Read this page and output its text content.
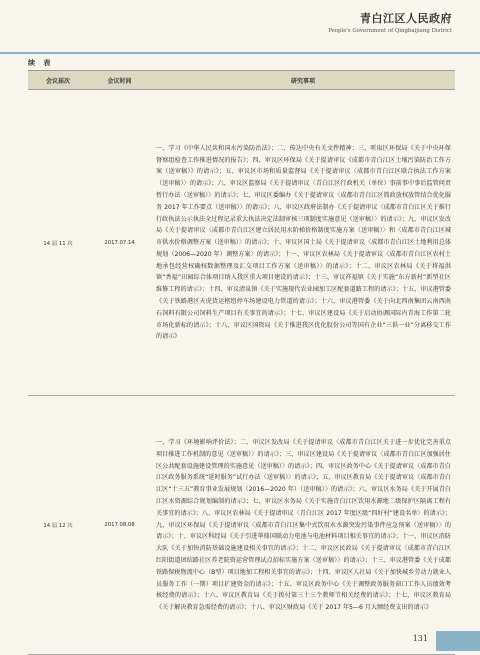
青白江区人民政府
People's Government of Qingbaijiang District
续 表
会议届次	会议时间	研究事项
14 届 11 次	2017.07.14	一、学习《中华人民共和国水污染防治法》；二、传达中央有关文件精神；三、听取区环保局《关于中央环保督察组检查工作推进情况的报告》；四、审议区环保局《关于提请审议《成都市青白江区土壤污染防治工作方案（送审稿）》的请示》；五、审议区市场和质量监督局《关于提请审议〈成都市青白江区联合执法工作方案（送审稿）〉的请示》；六、审议区监察局《关于提请审议〈青白江区行政机关（单位）事前事中事后监管问责暂行办法（送审稿）〉的请示》；七、审议区委编办《关于提请审议〈成都市青白江区简政放权放管结合优化服务 2017 年工作要点（送审稿）〉的请示》；八、审议区政府法制办《关于提请审议〈成都市青白江区关于推行行政执法公示执法全过程记录重大执法决定法制审核三项制度实施意见（送审稿）〉的请示》；九、审议区发改局《关于提请审议〈成都市青白江区建立居民用水阶梯价格制度实施方案（送审稿）〉和〈成都市青白江区城市供水价格调整方案（送审稿）〉的请示》；十、审议区国土局《关于提请审议〈成都市青白江区土地利用总体规划（2006—2020 年）调整方案〉的请示》；十一、审议区农林局《关于提请审议〈成都市青白江区农村土地承包经营权确权数据整理及汇交项目工作方案（送审稿）〉的请示》；十二、审议区农林局《关于将福洪镇“香福”田园综合体项目纳入我区重大项目建设的请示》；十三、审议祥福镇《关于实施“东方新村”新型社区维修工程的请示》；十四、审议清泉镇《关于实施现代农业园加工区配套道路工程的请示》；十五、审议港管委《关于铁路港区天虎货运枢纽停车场建设电力管道的请示》；十六、审议港管委《关于向北西南集团云南西南石饲料有限公司饲料生产项目有关事宜的请示》；十七、审议区建设局《关于启动协调国际内青海工作第二轮市场化新标的请示》；十八、审议区国资局《关于推进我区优化股份公司等国有企业“三供一业”分离移交工作的请示》
14 届 12 次	2017.08.08	一、学习《环境影响评价法》；二、审议区发改局《关于提请审议〈成都市青白江区关于进一步优化完善重点项目推进工作机制的意见（送审稿）〉的请示》；三、审议区建设局《关于提请审议〈成都市青白江区加强居住区公共配套设施建设管理的实施意见（送审稿）〉的请示》；四、审议区政务中心《关于提请审议〈成都市青白江区政务服务系统“延时服务”试行办法（送审稿）〉的请示》；五、审议区教育局《关于提请审议〈成都市青白江区“十三五”教育事业发展规划（2016—2020 年）（送审稿）〉的请示》；六、审议区水务局《关于开展青白江区水资源综合规划编制的请示》；七、审议区水务局《关于实施青白江区饮用水源地二级保护区隔离工程有关事宜的请示》；八、审议区农林局《关于提请审议〈青白江区 2017 年度区级“四好村”建设名单〉的请示》；九、审议区环保局《关于提请审议〈成都市青白江区集中式饮用水水源突发污染事件应急预案（送审稿）〉的请示》；十、审议区科经局《关于引进华鼎国联动力电池与电池材料项目相关事宜的请示》；十一、审议区消防大队《关于加快消防基础设施建设相关事宜的请示》；十二、审议区民政局《关于提请审议〈成都市青白江区红阳街道团结路社区养老院资运营管理试点招标实施方案（送审稿）〉的请示》；十三、审议港管委《关于成都铁路保税物流中心（B型）项目地加工程相关事宜的请示》；十四、审议区人社局《关于加快城乡劳动力就业人员服务工作（一期）项目扩建资金的请示》；十五、审议区政务中心《关于调整政务服务窗口工作人员绩效考核经费的请示》；十六、审议区教育局《关于拨付第三十三个教师节相关经费的请示》；十七、审议区教育局《关于解决教育急需经费的请示》；十八、审议区财政局《关于 2017 年5—6 月大额经费支出的请示》
131
